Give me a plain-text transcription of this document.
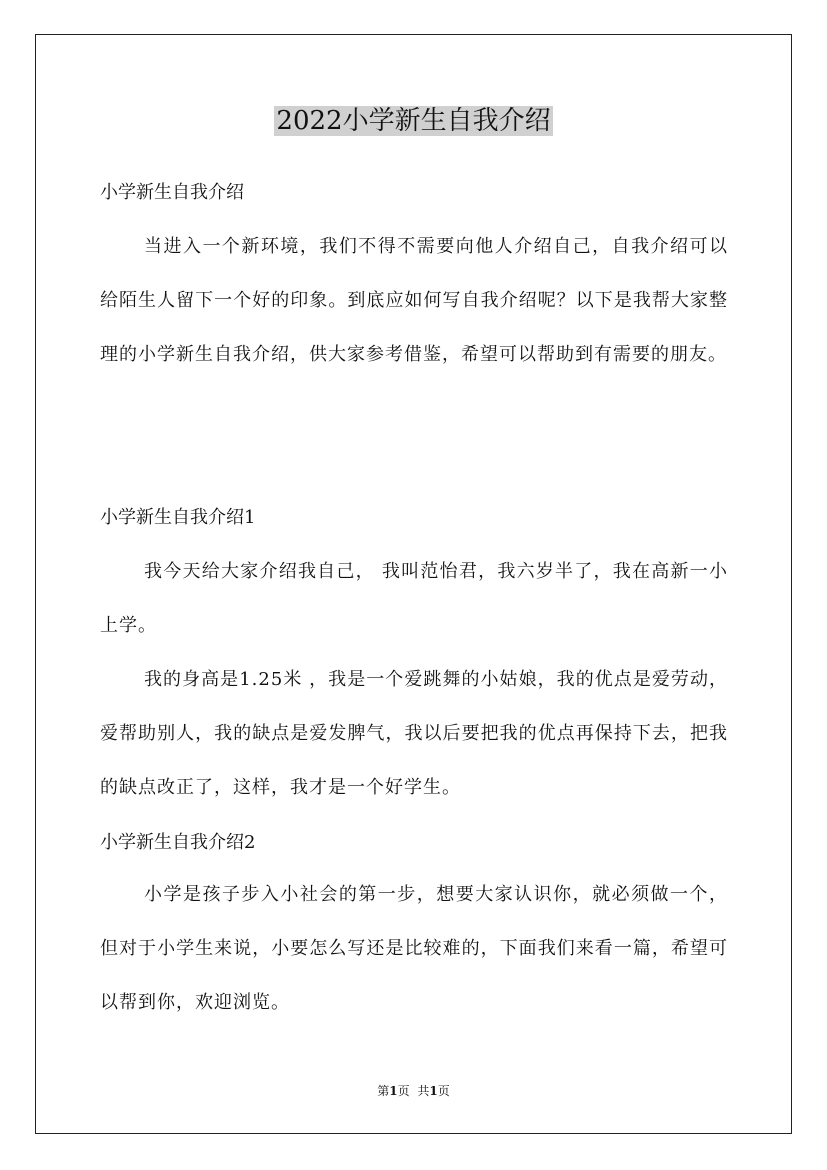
2022小学新生自我介绍

小学新生自我介绍

当进入一个新环境，我们不得不需要向他人介绍自己，自我介绍可以给陌生人留下一个好的印象。到底应如何写自我介绍呢？以下是我帮大家整理的小学新生自我介绍，供大家参考借鉴，希望可以帮助到有需要的朋友。

小学新生自我介绍1

我今天给大家介绍我自己， 我叫范怡君，我六岁半了，我在高新一小上学。

我的身高是1.25米 ，我是一个爱跳舞的小姑娘，我的优点是爱劳动，爱帮助别人，我的缺点是爱发脾气，我以后要把我的优点再保持下去，把我的缺点改正了，这样，我才是一个好学生。

小学新生自我介绍2

小学是孩子步入小社会的第一步，想要大家认识你，就必须做一个，但对于小学生来说，小要怎么写还是比较难的，下面我们来看一篇，希望可以帮到你，欢迎浏览。

第1页 共1页
